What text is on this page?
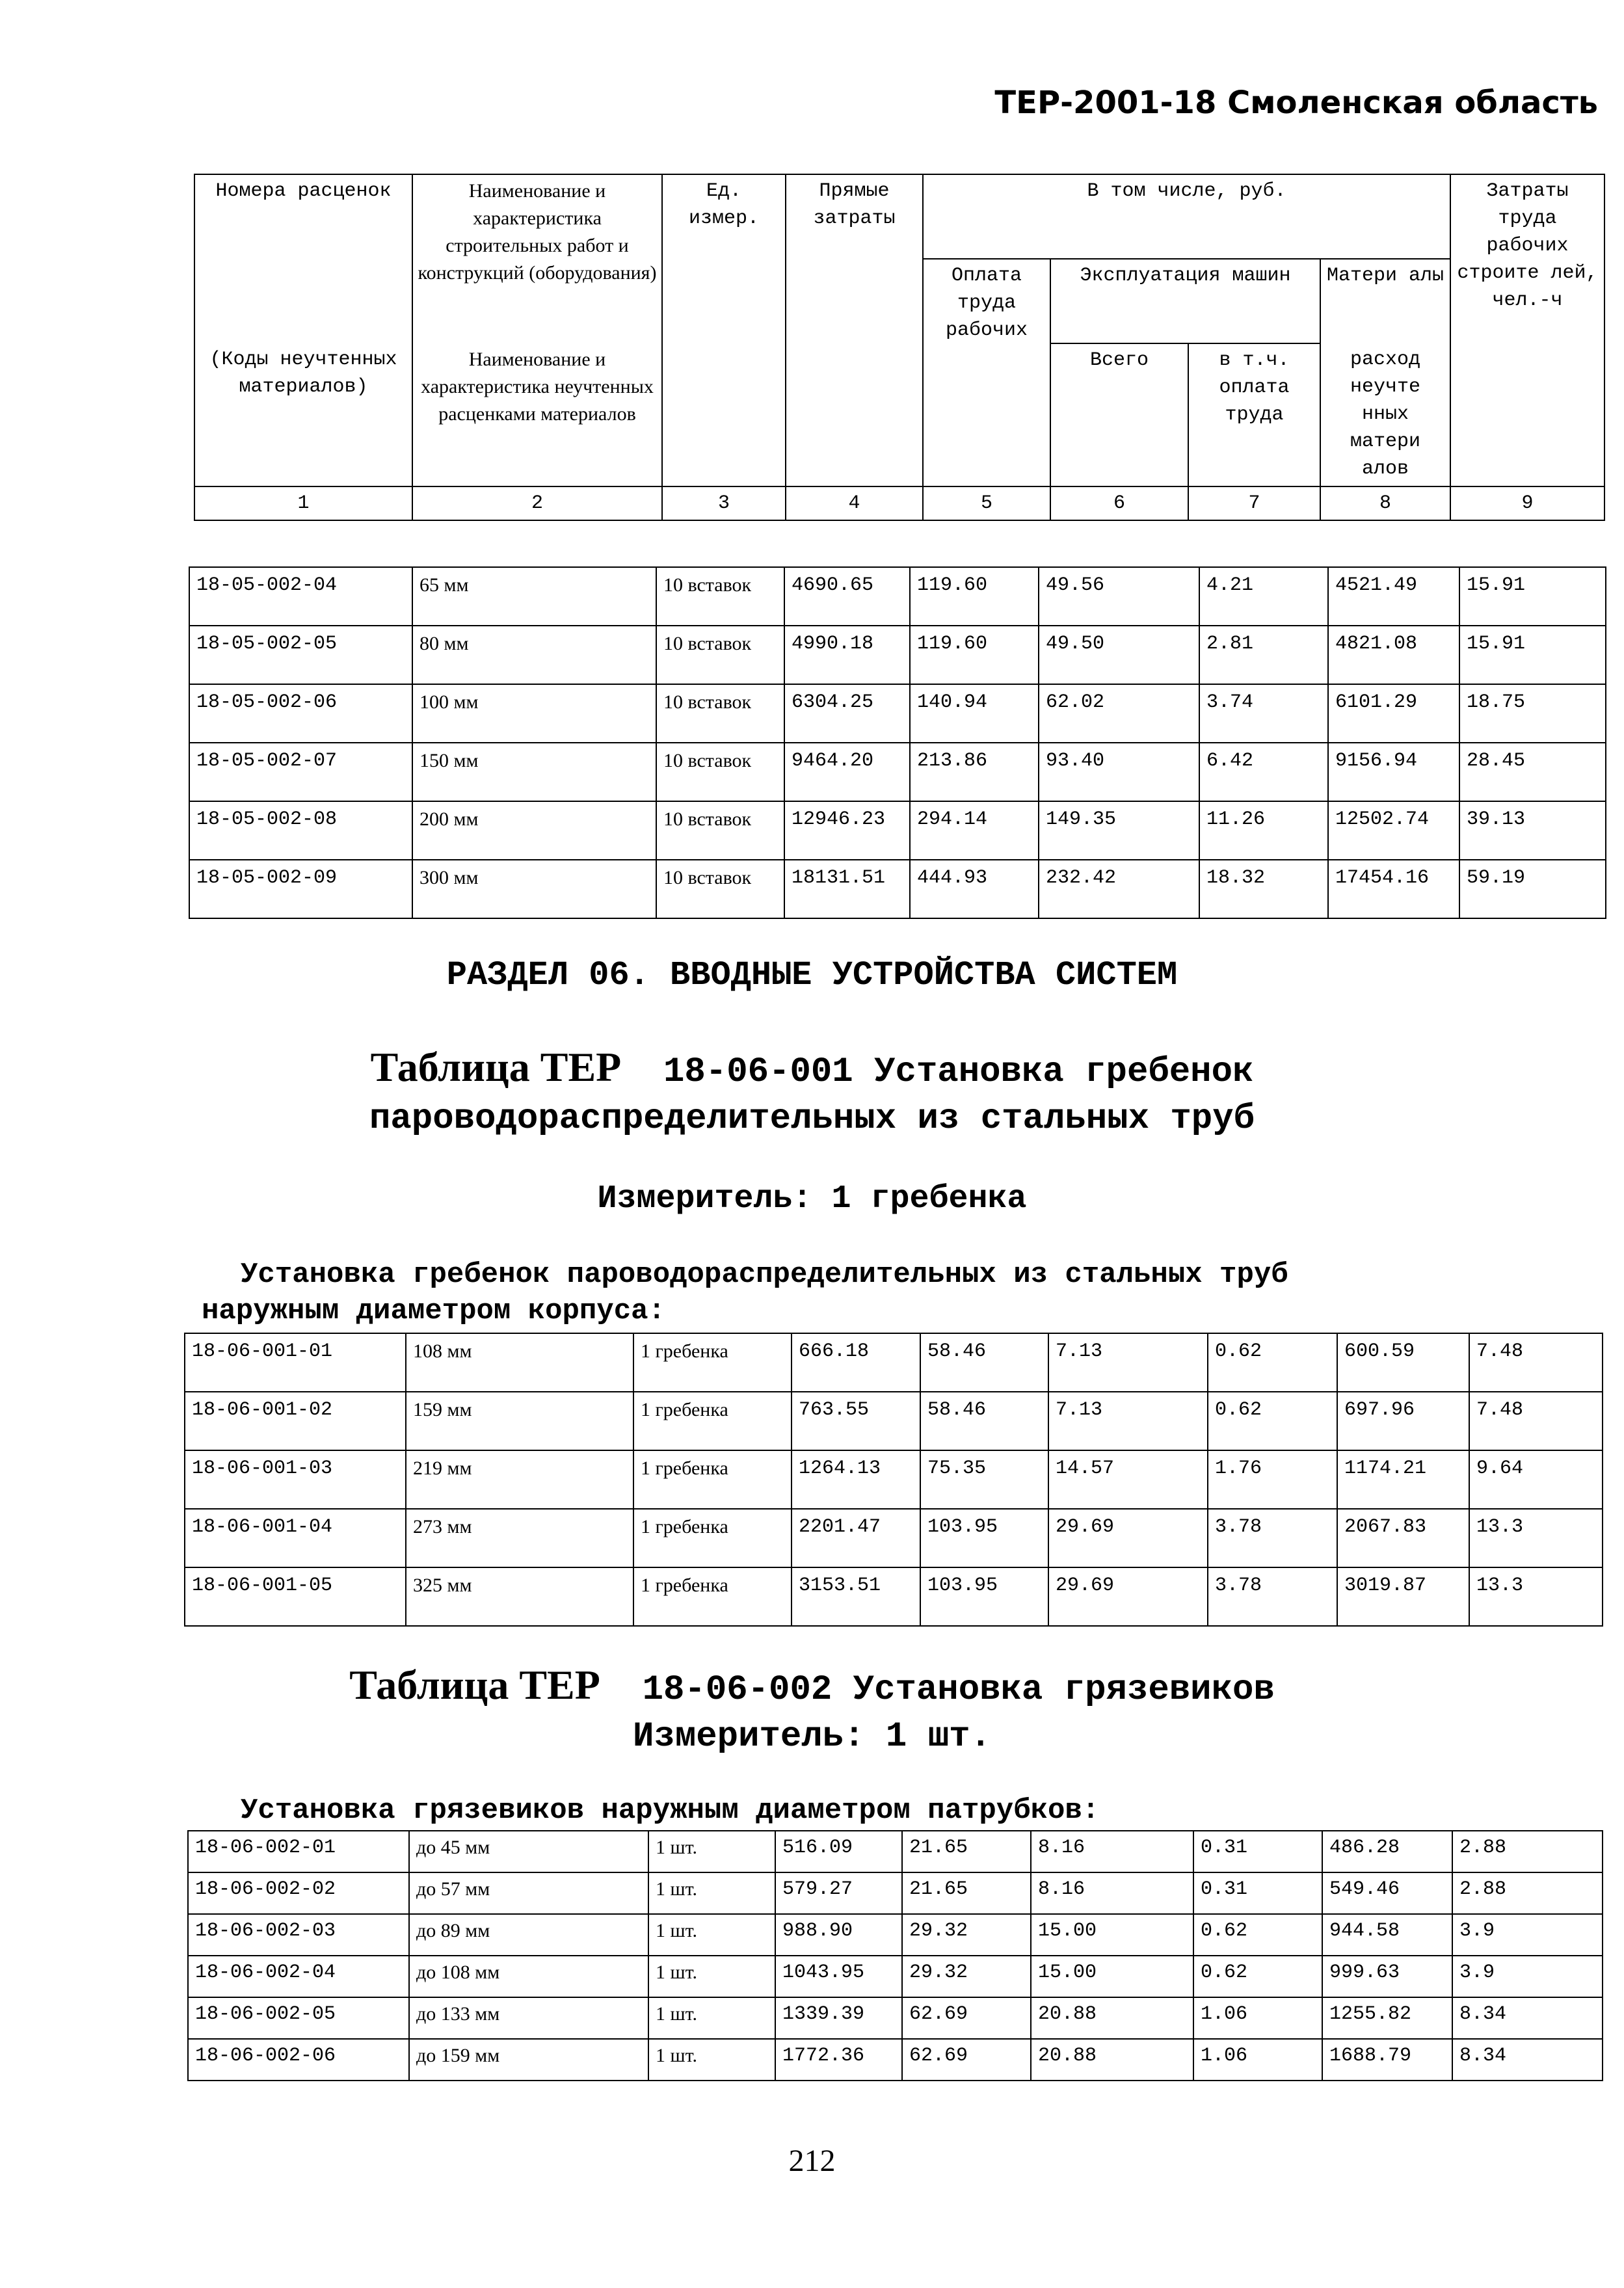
ТЕР-2001-18 Смоленская область
Номера расценок	Наименование и характеристика строительных работ и конструкций (оборудования)	Ед. измер.	Прямые затраты	В том числе, руб.				Затраты труда рабочих строите лей, чел.-ч
				Оплата труда рабочих	Эксплуатация машин		Матери алы	
(Коды неучтенных материалов)	Наименование и характеристика неучтенных расценками материалов				Всего	в т.ч. оплата труда	расход неучте нных матери алов	
1	2	3	4	5	6	7	8	9
18-05-002-04	65 мм	10 вставок	4690.65	119.60	49.56	4.21	4521.49	15.91
18-05-002-05	80 мм	10 вставок	4990.18	119.60	49.50	2.81	4821.08	15.91
18-05-002-06	100 мм	10 вставок	6304.25	140.94	62.02	3.74	6101.29	18.75
18-05-002-07	150 мм	10 вставок	9464.20	213.86	93.40	6.42	9156.94	28.45
18-05-002-08	200 мм	10 вставок	12946.23	294.14	149.35	11.26	12502.74	39.13
18-05-002-09	300 мм	10 вставок	18131.51	444.93	232.42	18.32	17454.16	59.19
РАЗДЕЛ 06. ВВОДНЫЕ УСТРОЙСТВА СИСТЕМ
Таблица ТЕР 18-06-001 Установка гребенок
пароводораспределительных из стальных труб
Измеритель: 1 гребенка
Установка гребенок пароводораспределительных из стальных труб
наружным диаметром корпуса:
18-06-001-01	108 мм	1 гребенка	666.18	58.46	7.13	0.62	600.59	7.48
18-06-001-02	159 мм	1 гребенка	763.55	58.46	7.13	0.62	697.96	7.48
18-06-001-03	219 мм	1 гребенка	1264.13	75.35	14.57	1.76	1174.21	9.64
18-06-001-04	273 мм	1 гребенка	2201.47	103.95	29.69	3.78	2067.83	13.3
18-06-001-05	325 мм	1 гребенка	3153.51	103.95	29.69	3.78	3019.87	13.3
Таблица ТЕР 18-06-002 Установка грязевиков
Измеритель: 1 шт.
Установка грязевиков наружным диаметром патрубков:
18-06-002-01	до 45 мм	1 шт.	516.09	21.65	8.16	0.31	486.28	2.88
18-06-002-02	до 57 мм	1 шт.	579.27	21.65	8.16	0.31	549.46	2.88
18-06-002-03	до 89 мм	1 шт.	988.90	29.32	15.00	0.62	944.58	3.9
18-06-002-04	до 108 мм	1 шт.	1043.95	29.32	15.00	0.62	999.63	3.9
18-06-002-05	до 133 мм	1 шт.	1339.39	62.69	20.88	1.06	1255.82	8.34
18-06-002-06	до 159 мм	1 шт.	1772.36	62.69	20.88	1.06	1688.79	8.34
212
